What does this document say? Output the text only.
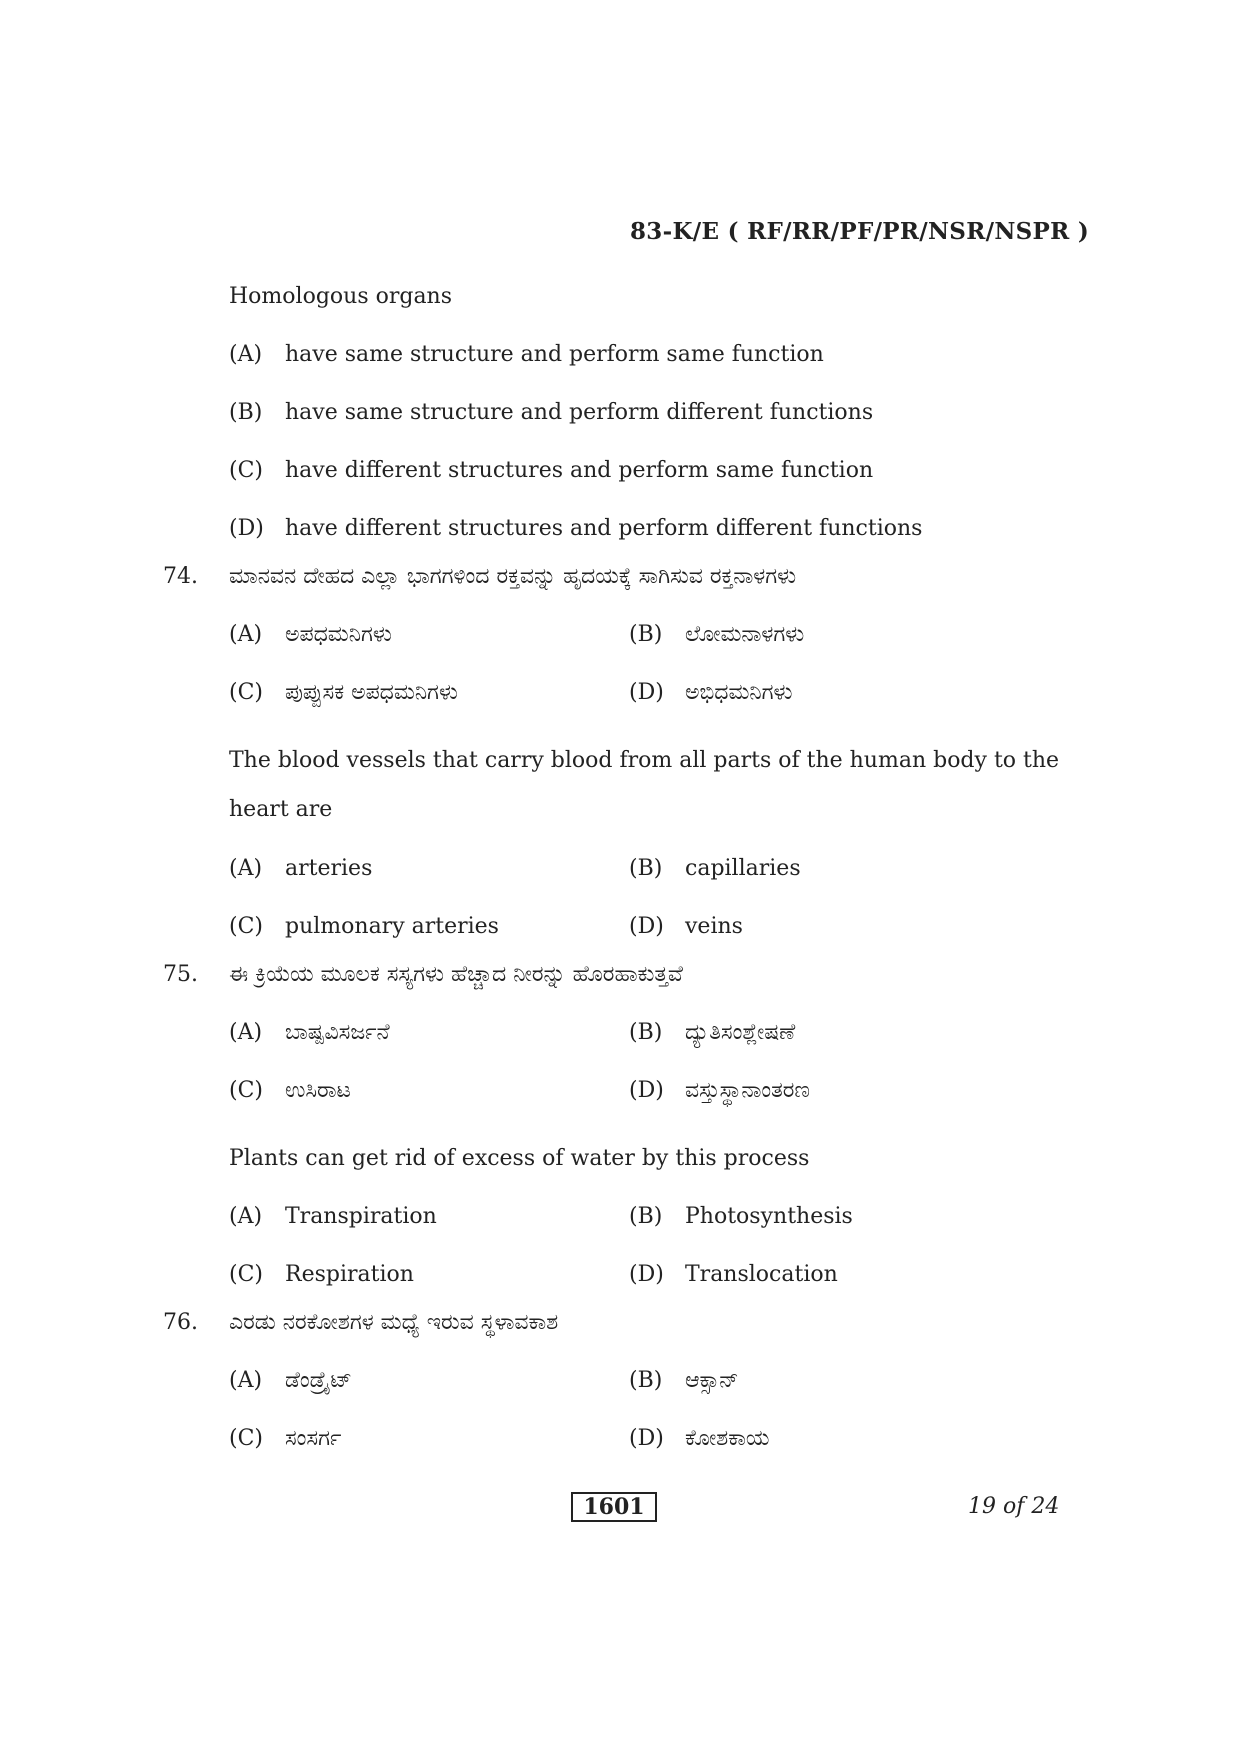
83-K/E ( RF/RR/PF/PR/NSR/NSPR )
Homologous organs
(A) have same structure and perform same function
(B) have same structure and perform different functions
(C) have different structures and perform same function
(D) have different structures and perform different functions
74. ಮಾನವನ ದೇಹದ ಎಲ್ಲಾ ಭಾಗಗಳಿಂದ ರಕ್ತವನ್ನು ಹೃದಯಕ್ಕೆ ಸಾಗಿಸುವ ರಕ್ತನಾಳಗಳು
(A) ಅಪಧಮನಿಗಳು	(B) ಲೋಮನಾಳಗಳು
(C) ಪುಪ್ಪುಸಕ ಅಪಧಮನಿಗಳು	(D) ಅಭಿಧಮನಿಗಳು
The blood vessels that carry blood from all parts of the human body to the
heart are
(A) arteries	(B) capillaries
(C) pulmonary arteries	(D) veins
75. ಈ ಕ್ರಿಯೆಯ ಮೂಲಕ ಸಸ್ಯಗಳು ಹೆಚ್ಚಾದ ನೀರನ್ನು ಹೊರಹಾಕುತ್ತವೆ
(A) ಬಾಷ್ಪವಿಸರ್ಜನೆ	(B) ದ್ಯುತಿಸಂಶ್ಲೇಷಣೆ
(C) ಉಸಿರಾಟ	(D) ವಸ್ತುಸ್ಥಾನಾಂತರಣ
Plants can get rid of excess of water by this process
(A) Transpiration	(B) Photosynthesis
(C) Respiration	(D) Translocation
76. ಎರಡು ನರಕೋಶಗಳ ಮಧ್ಯೆ ಇರುವ ಸ್ಥಳಾವಕಾಶ
(A) ಡೆಂಡ್ರೈಟ್	(B) ಆಕ್ಸಾನ್
(C) ಸಂಸರ್ಗ	(D) ಕೋಶಕಾಯ
1601	19 of 24
